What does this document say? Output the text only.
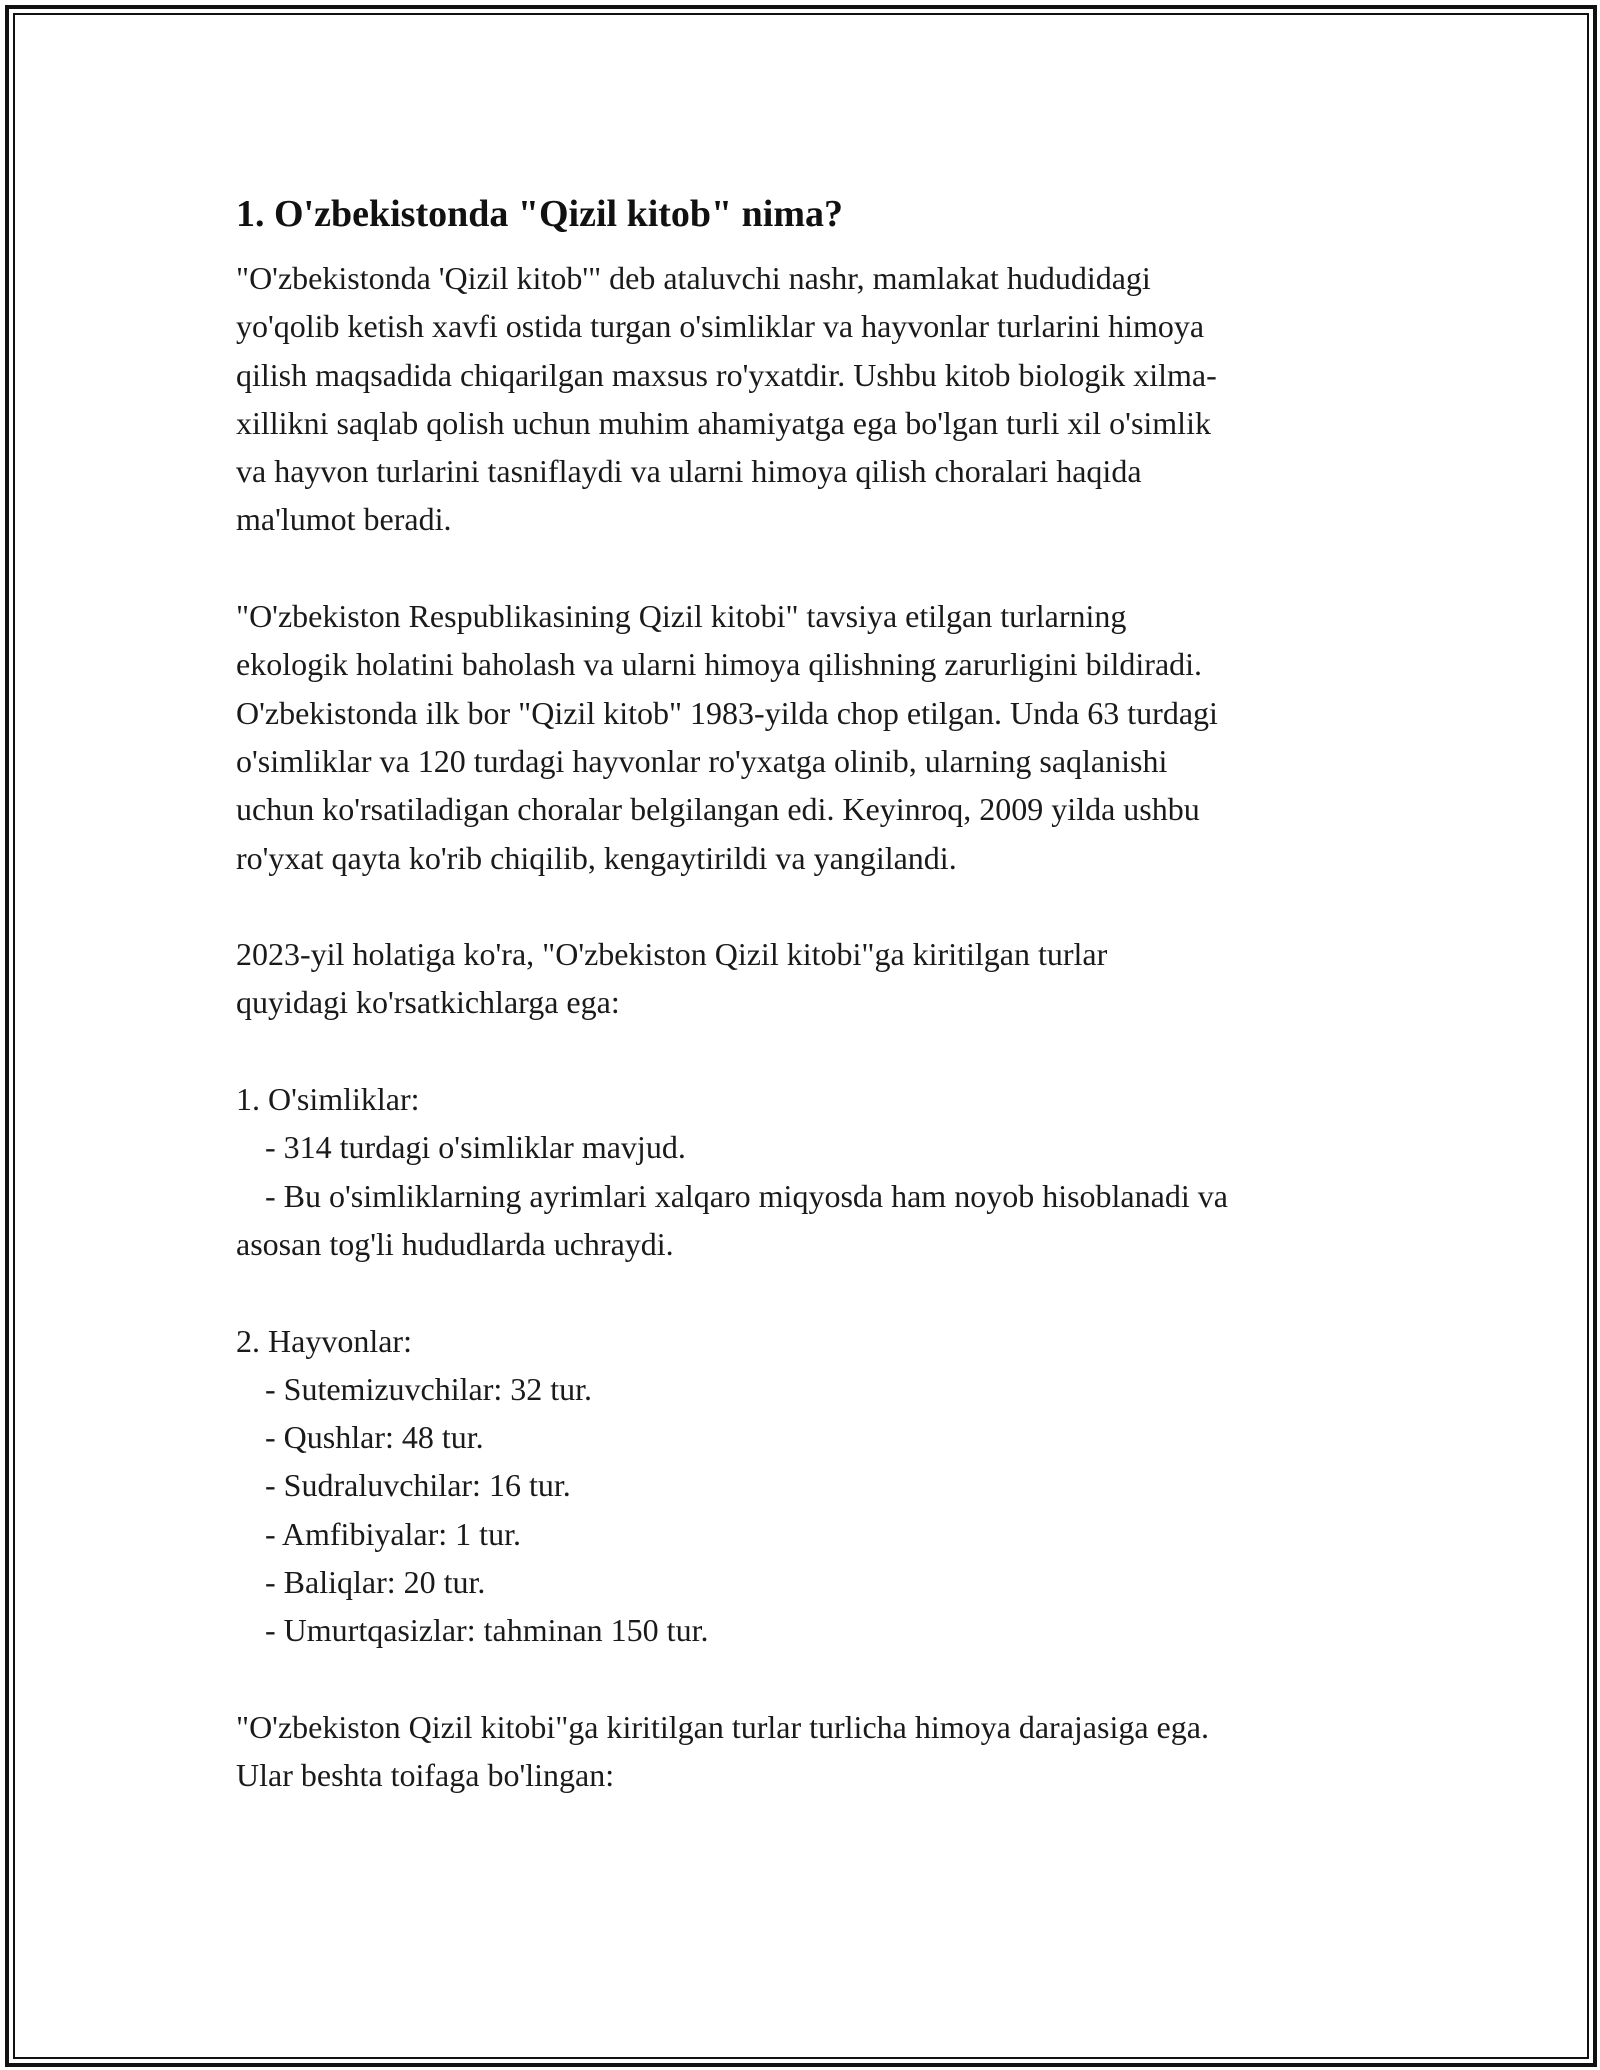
1. O'zbekistonda "Qizil kitob" nima?

"O'zbekistonda 'Qizil kitob'" deb ataluvchi nashr, mamlakat hududidagi
yo'qolib ketish xavfi ostida turgan o'simliklar va hayvonlar turlarini himoya
qilish maqsadida chiqarilgan maxsus ro'yxatdir. Ushbu kitob biologik xilma-
xillikni saqlab qolish uchun muhim ahamiyatga ega bo'lgan turli xil o'simlik
va hayvon turlarini tasniflaydi va ularni himoya qilish choralari haqida
ma'lumot beradi.

"O'zbekiston Respublikasining Qizil kitobi" tavsiya etilgan turlarning
ekologik holatini baholash va ularni himoya qilishning zarurligini bildiradi.
O'zbekistonda ilk bor "Qizil kitob" 1983-yilda chop etilgan. Unda 63 turdagi
o'simliklar va 120 turdagi hayvonlar ro'yxatga olinib, ularning saqlanishi
uchun ko'rsatiladigan choralar belgilangan edi. Keyinroq, 2009 yilda ushbu
ro'yxat qayta ko'rib chiqilib, kengaytirildi va yangilandi.

2023-yil holatiga ko'ra, "O'zbekiston Qizil kitobi"ga kiritilgan turlar
quyidagi ko'rsatkichlarga ega:

1. O'simliklar:

- 314 turdagi o'simliklar mavjud.

- Bu o'simliklarning ayrimlari xalqaro miqyosda ham noyob hisoblanadi va
asosan tog'li hududlarda uchraydi.

2. Hayvonlar:

- Sutemizuvchilar: 32 tur.

- Qushlar: 48 tur.

- Sudraluvchilar: 16 tur.

- Amfibiyalar: 1 tur.

- Baliqlar: 20 tur.

- Umurtqasizlar: tahminan 150 tur.

"O'zbekiston Qizil kitobi"ga kiritilgan turlar turlicha himoya darajasiga ega.
Ular beshta toifaga bo'lingan:
